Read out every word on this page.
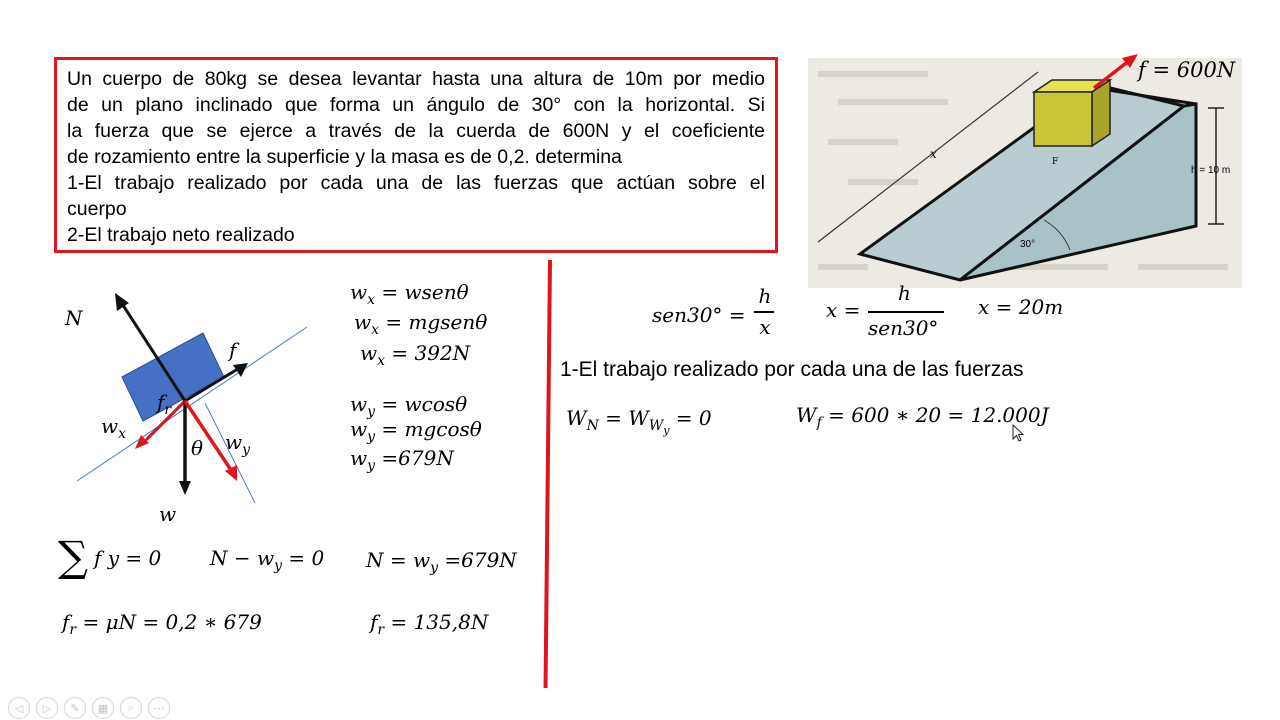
Un cuerpo de 80kg se desea levantar hasta una altura de 10m por medio
de un plano inclinado que forma un ángulo de 30° con la horizontal. Si
la fuerza que se ejerce a través de la cuerda de 600N y el coeficiente
de rozamiento entre la superficie y la masa es de 0,2. determina
1-El trabajo realizado por cada una de las fuerzas que actúan sobre el
cuerpo
2-El trabajo neto realizado
h = 10 m
x
30°
F
f = 600N
N
f
$f_r$
$w_x$	$w_y$
θ
w
$w_x$ = wsenθ
$w_x$ = mgsenθ
$w_x = 392N$
$w_y = wcos\theta$
$w_y = mgcos\theta$
$w_y =679N$
∑ f y = 0 $N - w_y = 0$ $N = w_y =679N$
$f_r = \mu N = 0,2$ ∗ 679	$f_r = 135,8N$
sen30° =
h
x
x =
h
sen30°
x = 20m
1-El trabajo realizado por cada una de las fuerzas
$W_N = W_{W_y} = 0$	$W_f = 600$ ∗ 20 = 12.000J
◁	▷	✎	▦	⌕	⋯
